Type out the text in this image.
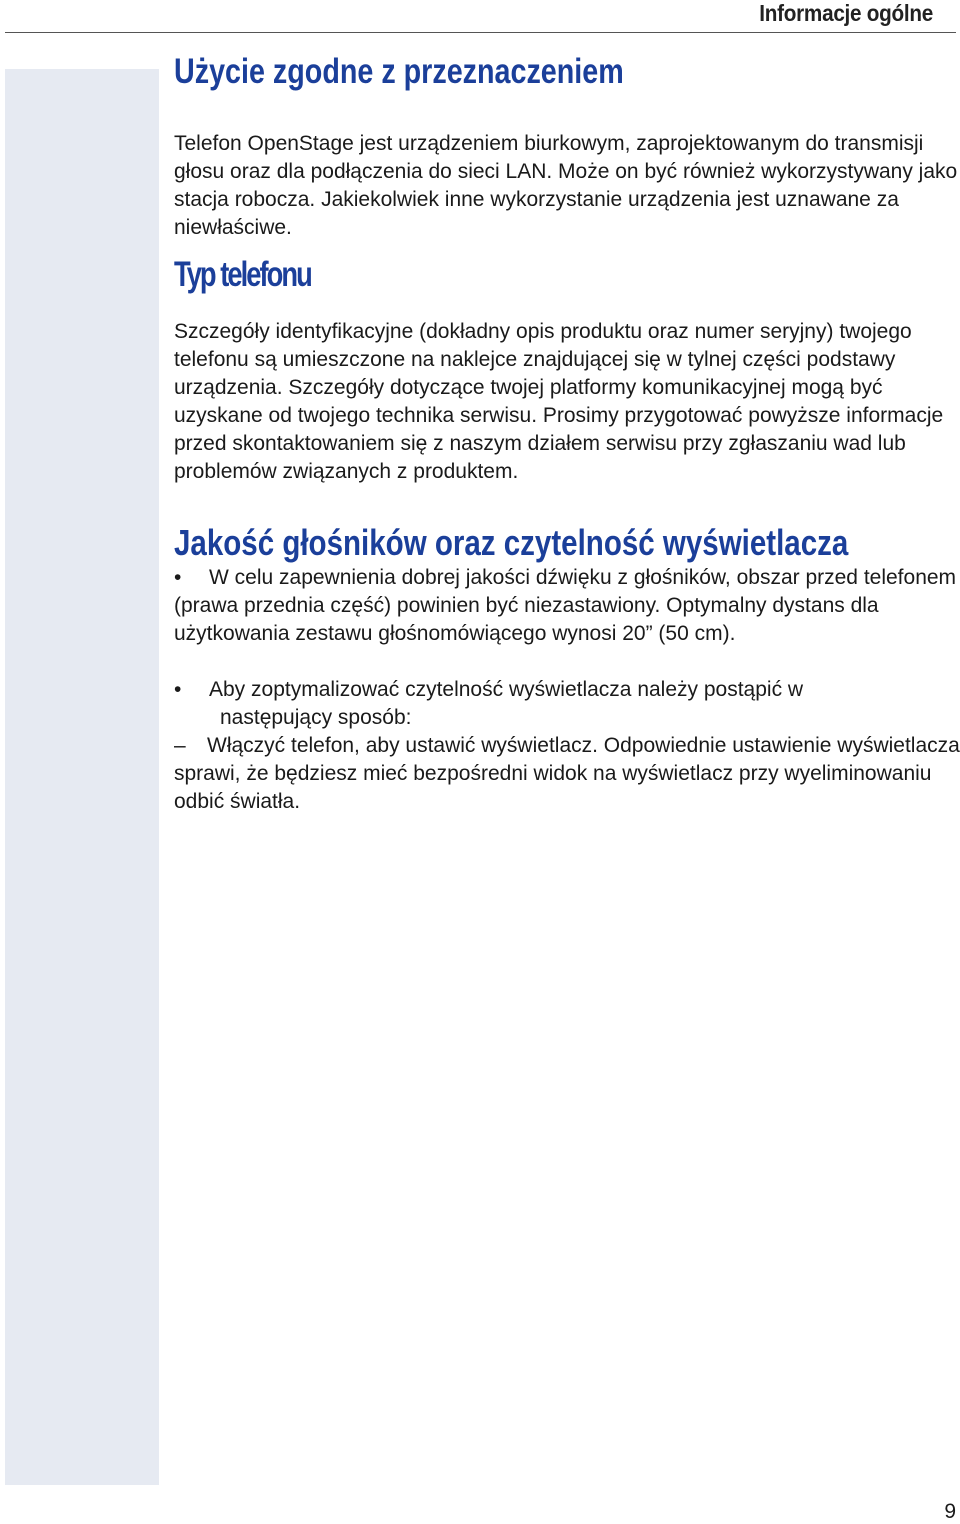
Informacje ogólne
Użycie zgodne z przeznaczeniem
Telefon OpenStage jest urządzeniem biurkowym, zaprojektowanym do transmisji głosu oraz dla podłączenia do sieci LAN. Może on być również wykorzystywany jako stacja robocza. Jakiekolwiek inne wykorzystanie urządzenia jest uznawane za niewłaściwe.
Typ telefonu
Szczegóły identyfikacyjne (dokładny opis produktu oraz numer seryjny) twojego telefonu są umieszczone na naklejce znajdującej się w tylnej części podstawy urządzenia. Szczegóły dotyczące twojej platformy komunikacyjnej mogą być uzyskane od twojego technika serwisu. Prosimy przygotować powyższe informacje przed skontaktowaniem się z naszym działem serwisu przy zgłaszaniu wad lub problemów związanych z produktem.
Jakość głośników oraz czytelność wyświetlacza
• W celu zapewnienia dobrej jakości dźwięku z głośników, obszar przed telefonem (prawa przednia część) powinien być niezastawiony. Optymalny dystans dla użytkowania zestawu głośnomówiącego wynosi 20” (50 cm).
• Aby zoptymalizować czytelność wyświetlacza należy postąpić w
następujący sposób:
– Włączyć telefon, aby ustawić wyświetlacz. Odpowiednie ustawienie wyświetlacza sprawi, że będziesz mieć bezpośredni widok na wyświetlacz przy wyeliminowaniu odbić światła.
9
